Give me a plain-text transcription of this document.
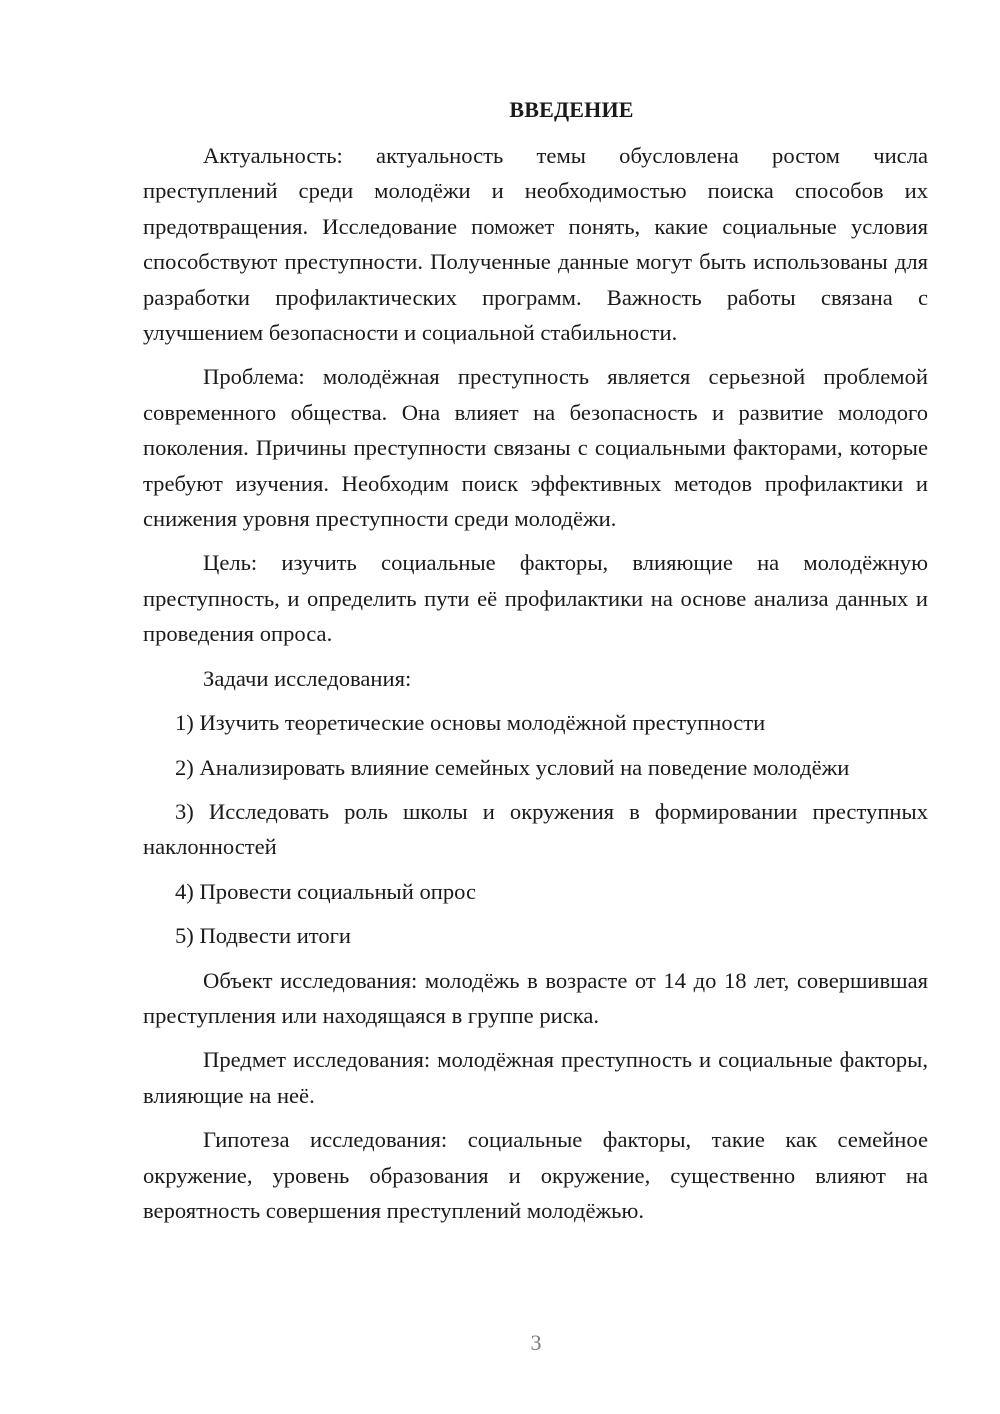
ВВЕДЕНИЕ

Актуальность: актуальность темы обусловлена ростом числа преступлений среди молодёжи и необходимостью поиска способов их предотвращения. Исследование поможет понять, какие социальные условия способствуют преступности. Полученные данные могут быть использованы для разработки профилактических программ. Важность работы связана с улучшением безопасности и социальной стабильности.

Проблема: молодёжная преступность является серьезной проблемой современного общества. Она влияет на безопасность и развитие молодого поколения. Причины преступности связаны с социальными факторами, которые требуют изучения. Необходим поиск эффективных методов профилактики и снижения уровня преступности среди молодёжи.

Цель: изучить социальные факторы, влияющие на молодёжную преступность, и определить пути её профилактики на основе анализа данных и проведения опроса.

Задачи исследования:

1) Изучить теоретические основы молодёжной преступности

2) Анализировать влияние семейных условий на поведение молодёжи

3) Исследовать роль школы и окружения в формировании преступных наклонностей

4) Провести социальный опрос

5) Подвести итоги

Объект исследования: молодёжь в возрасте от 14 до 18 лет, совершившая преступления или находящаяся в группе риска.

Предмет исследования: молодёжная преступность и социальные факторы, влияющие на неё.

Гипотеза исследования: социальные факторы, такие как семейное окружение, уровень образования и окружение, существенно влияют на вероятность совершения преступлений молодёжью.

3
